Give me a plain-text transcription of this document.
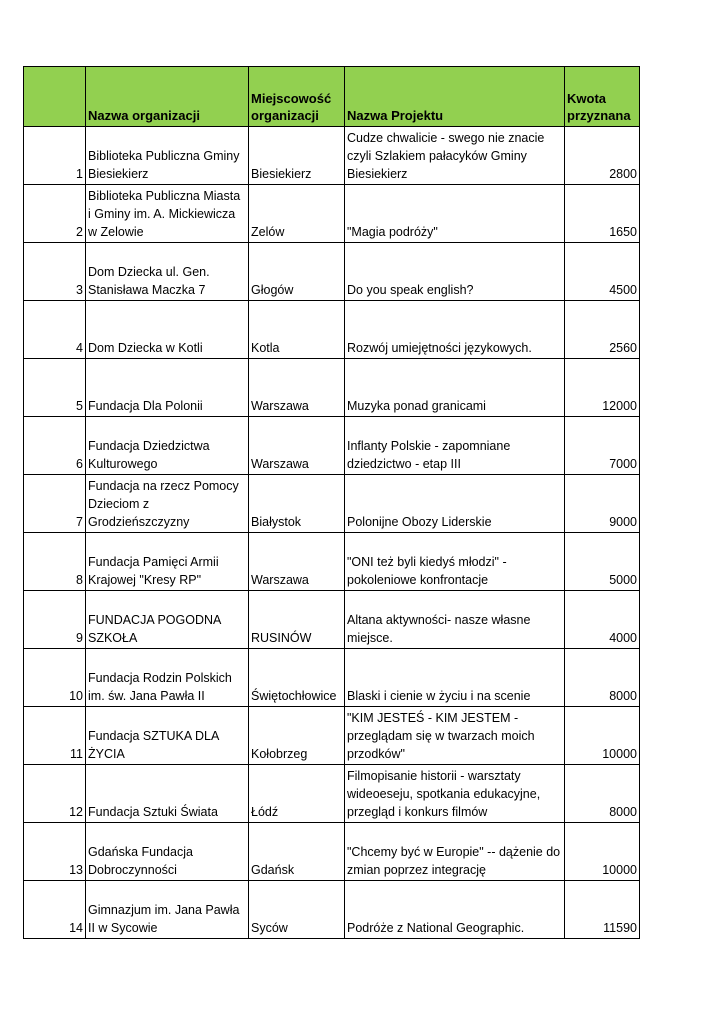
	Nazwa organizacji	Miejscowość organizacji	Nazwa Projektu	Kwota przyznana
1	Biblioteka Publiczna Gminy Biesiekierz	Biesiekierz	Cudze chwalicie - swego nie znacie czyli Szlakiem pałacyków Gminy Biesiekierz	2800
2	Biblioteka Publiczna Miasta i Gminy im. A. Mickiewicza w Zelowie	Zelów	"Magia podróży"	1650
3	Dom Dziecka ul. Gen. Stanisława Maczka 7	Głogów	Do you speak english?	4500
4	Dom Dziecka w Kotli	Kotla	Rozwój umiejętności językowych.	2560
5	Fundacja Dla Polonii	Warszawa	Muzyka ponad granicami	12000
6	Fundacja Dziedzictwa Kulturowego	Warszawa	Inflanty Polskie - zapomniane dziedzictwo - etap III	7000
7	Fundacja na rzecz Pomocy Dzieciom z Grodzieńszczyzny	Białystok	Polonijne Obozy Liderskie	9000
8	Fundacja Pamięci Armii Krajowej "Kresy RP"	Warszawa	"ONI też byli kiedyś młodzi" - pokoleniowe konfrontacje	5000
9	FUNDACJA POGODNA SZKOŁA	RUSINÓW	Altana aktywności- nasze własne miejsce.	4000
10	Fundacja Rodzin Polskich im. św. Jana Pawła II	Świętochłowice	Blaski i cienie w życiu i na scenie	8000
11	Fundacja SZTUKA DLA ŻYCIA	Kołobrzeg	"KIM JESTEŚ - KIM JESTEM - przeglądam się w twarzach moich przodków"	10000
12	Fundacja Sztuki Świata	Łódź	Filmopisanie historii - warsztaty wideoeseju, spotkania edukacyjne, przegląd i konkurs filmów	8000
13	Gdańska Fundacja Dobroczynności	Gdańsk	"Chcemy być w Europie" -- dążenie do zmian poprzez integrację	10000
14	Gimnazjum im. Jana Pawła II w Sycowie	Syców	Podróże z National Geographic.	11590
